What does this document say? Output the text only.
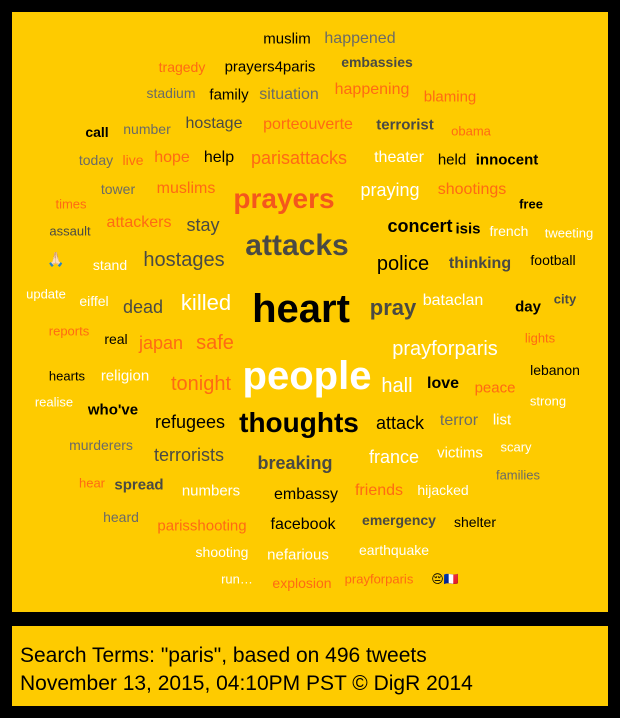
muslim happened
tragedy prayers4paris embassies
stadium family situation happening blaming
call number hostage porteouverte terrorist obama
today live hope help parisattacks theater held innocent
tower muslims prayers praying shootings
times	free
assault attackers stay	concert isis french tweeting
attacks
🙏🏻 stand hostages	police thinking football
update eiffel dead killed heart pray bataclan day city
reports real japan safe	prayforparis lights
hearts religion tonight people hall love peace
lebanon
realise who've
refugees thoughts attack terror list
strong
murderers	scary
terrorists breaking france victims
families
hear spread numbers embassy friends hijacked
heard
parisshooting facebook emergency shelter
shooting nefarious earthquake
run… explosion prayforparis 😔🇫🇷
Search Terms: "paris", based on 496 tweets
November 13, 2015, 04:10PM PST © DigR 2014
